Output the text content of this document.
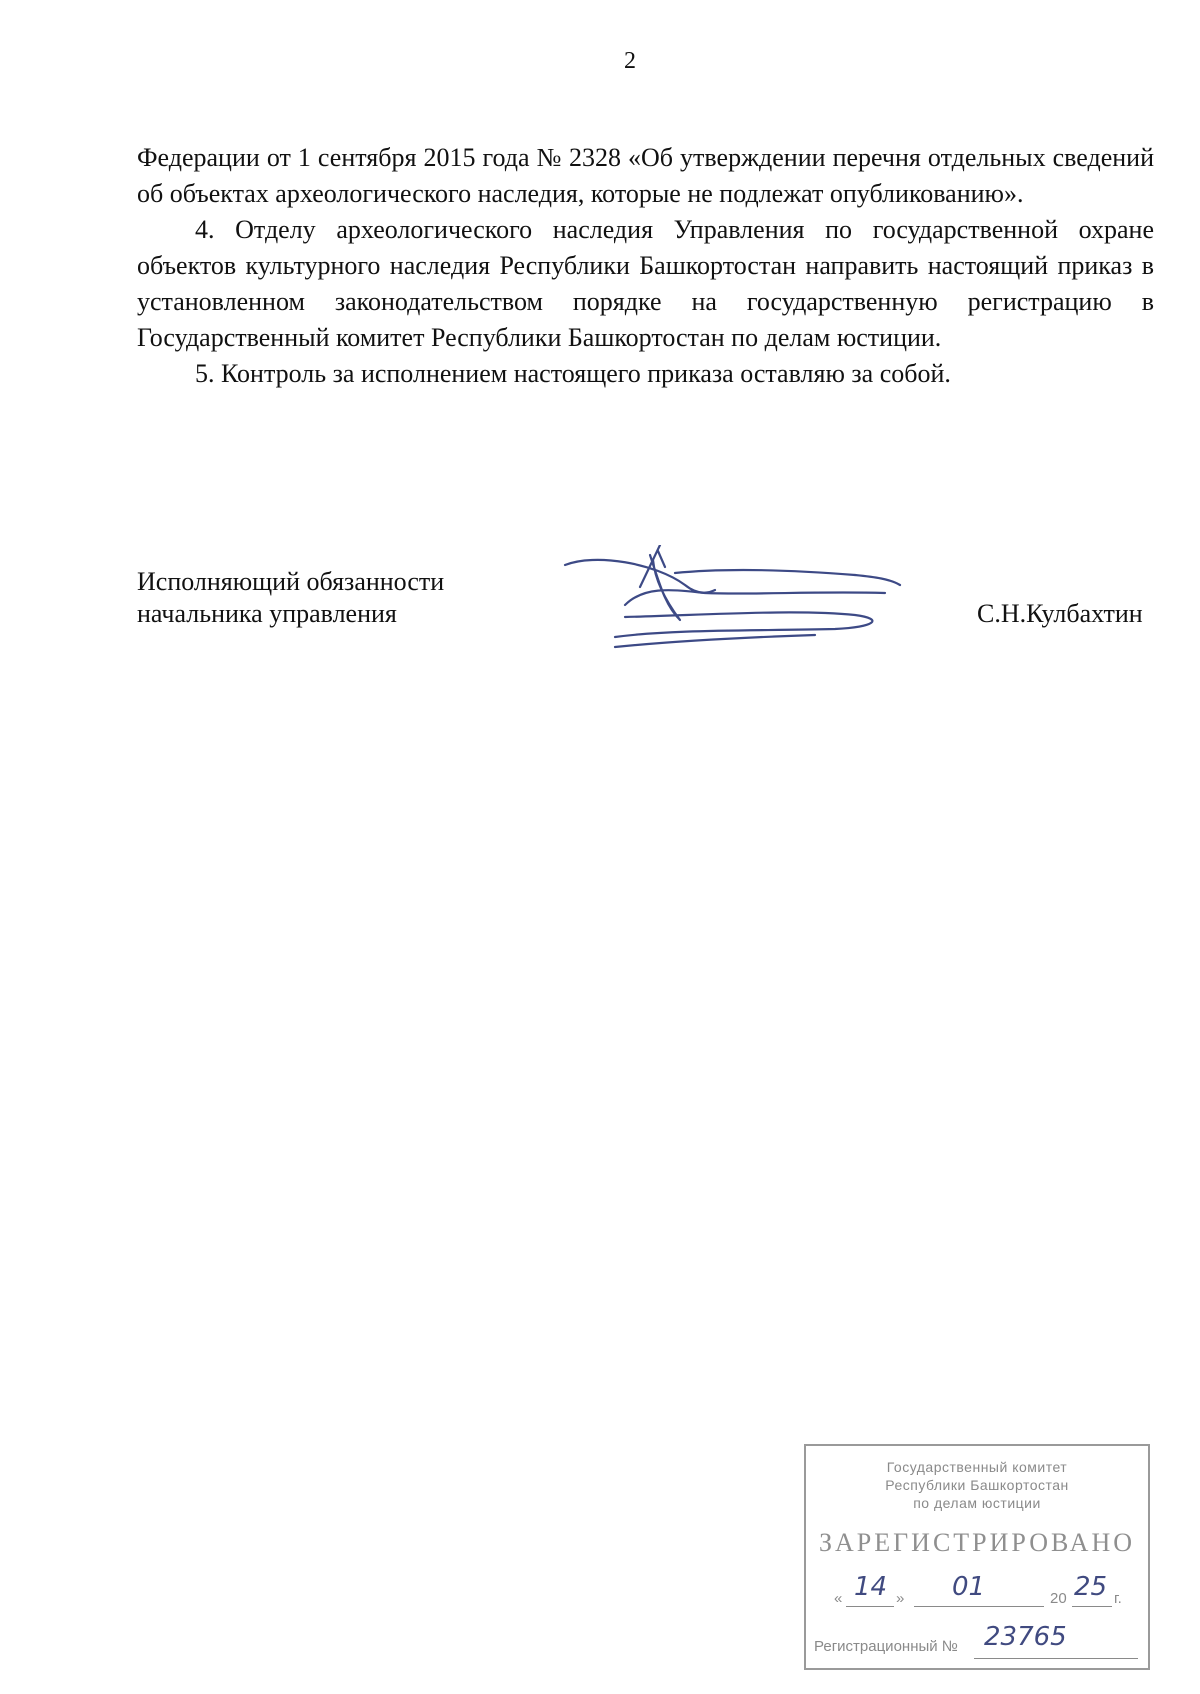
2

Федерации от 1 сентября 2015 года № 2328 «Об утверждении перечня отдельных сведений об объектах археологического наследия, которые не подлежат опубликованию».

4. Отделу археологического наследия Управления по государственной охране объектов культурного наследия Республики Башкортостан направить настоящий приказ в установленном законодательством порядке на государственную регистрацию в Государственный комитет Республики Башкортостан по делам юстиции.

5. Контроль за исполнением настоящего приказа оставляю за собой.

Исполняющий обязанности
начальника управления	С.Н.Кулбахтин
Государственный комитет
Республики Башкортостан
по делам юстиции
ЗАРЕГИСТРИРОВАНО
« 14 » 01	20 25 г.
Регистрационный № 23765
